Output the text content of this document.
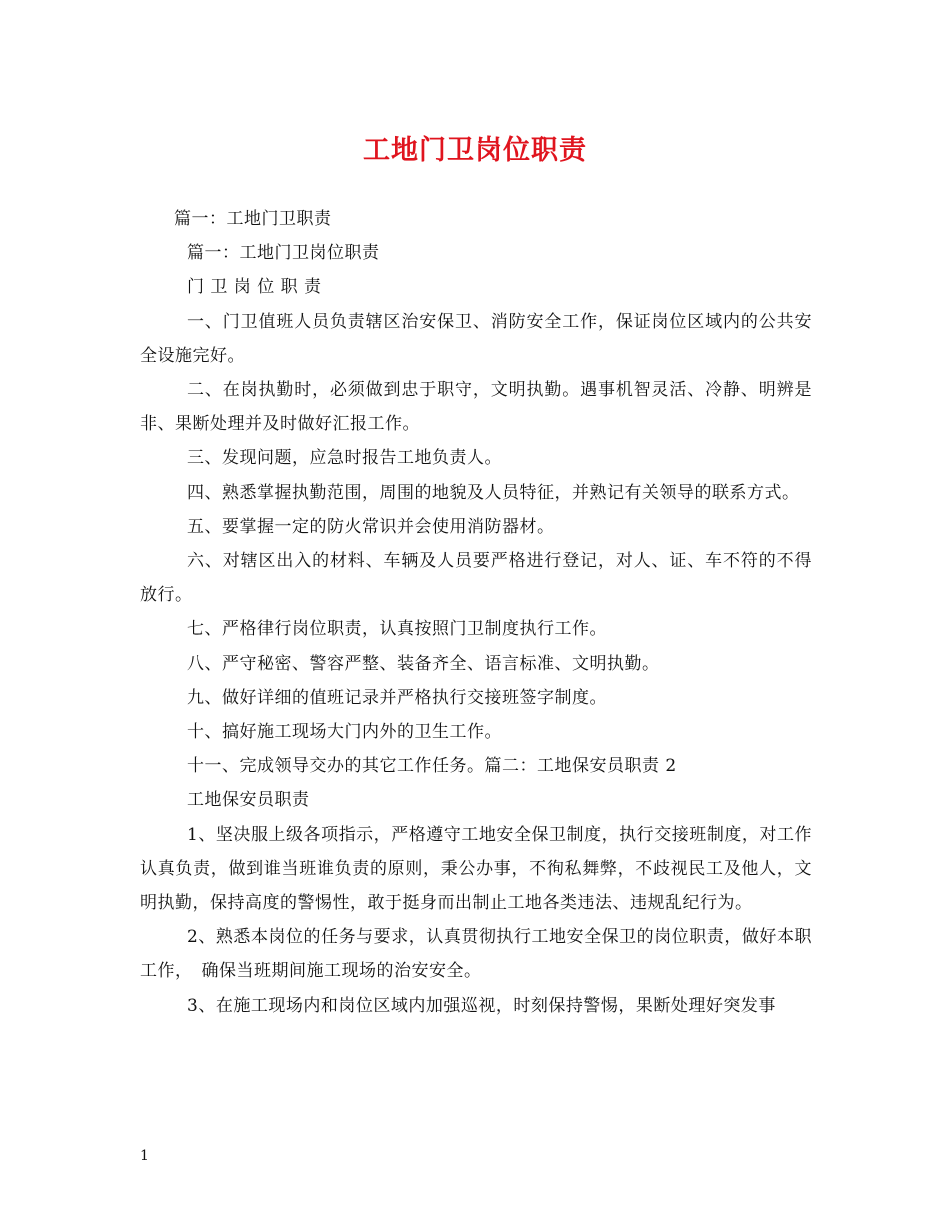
工地门卫岗位职责

篇一：工地门卫职责

篇一：工地门卫岗位职责

门 卫 岗 位 职 责

一、门卫值班人员负责辖区治安保卫、消防安全工作，保证岗位区域内的公共安全设施完好。

二、在岗执勤时，必须做到忠于职守，文明执勤。遇事机智灵活、冷静、明辨是非、果断处理并及时做好汇报工作。

三、发现问题，应急时报告工地负责人。

四、熟悉掌握执勤范围，周围的地貌及人员特征，并熟记有关领导的联系方式。

五、要掌握一定的防火常识并会使用消防器材。

六、对辖区出入的材料、车辆及人员要严格进行登记，对人、证、车不符的不得放行。

七、严格律行岗位职责，认真按照门卫制度执行工作。

八、严守秘密、警容严整、装备齐全、语言标准、文明执勤。

九、做好详细的值班记录并严格执行交接班签字制度。

十、搞好施工现场大门内外的卫生工作。

十一、完成领导交办的其它工作任务。篇二：工地保安员职责 2

工地保安员职责

1、坚决服上级各项指示，严格遵守工地安全保卫制度，执行交接班制度，对工作认真负责，做到谁当班谁负责的原则，秉公办事，不徇私舞弊，不歧视民工及他人，文明执勤，保持高度的警惕性，敢于挺身而出制止工地各类违法、违规乱纪行为。

2、熟悉本岗位的任务与要求，认真贯彻执行工地安全保卫的岗位职责，做好本职工作，　确保当班期间施工现场的治安安全。

3、在施工现场内和岗位区域内加强巡视，时刻保持警惕，果断处理好突发事

1
